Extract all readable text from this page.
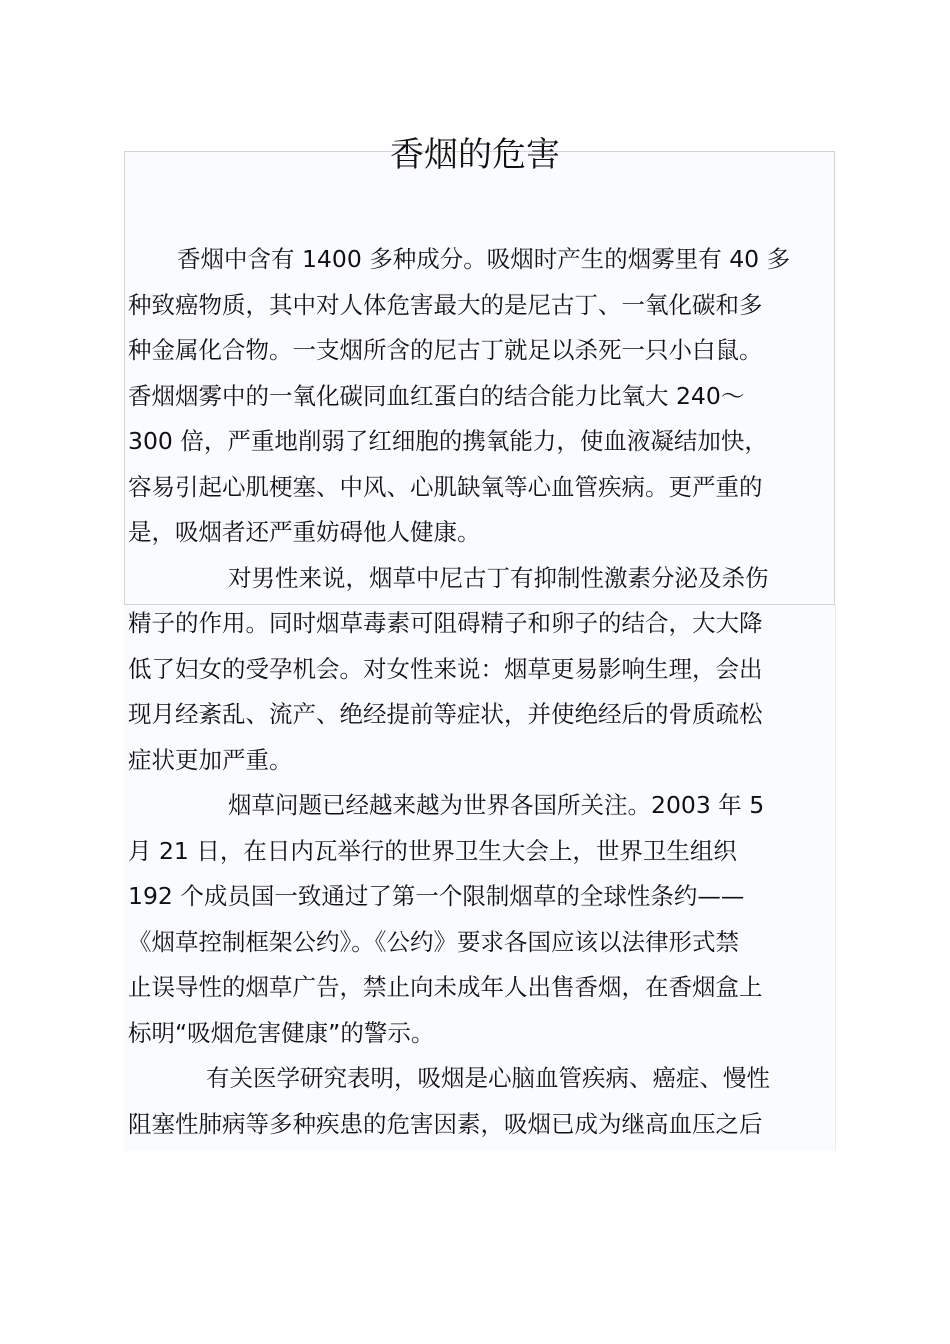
香烟的危害
香烟中含有 1400 多种成分。吸烟时产生的烟雾里有 40 多
种致癌物质，其中对人体危害最大的是尼古丁、一氧化碳和多
种金属化合物。一支烟所含的尼古丁就足以杀死一只小白鼠。
香烟烟雾中的一氧化碳同血红蛋白的结合能力比氧大 240～
300 倍，严重地削弱了红细胞的携氧能力，使血液凝结加快，
容易引起心肌梗塞、中风、心肌缺氧等心血管疾病。更严重的
是，吸烟者还严重妨碍他人健康。
对男性来说，烟草中尼古丁有抑制性激素分泌及杀伤
精子的作用。同时烟草毒素可阻碍精子和卵子的结合，大大降
低了妇女的受孕机会。对女性来说：烟草更易影响生理，会出
现月经紊乱、流产、绝经提前等症状，并使绝经后的骨质疏松
症状更加严重。
烟草问题已经越来越为世界各国所关注。2003 年 5
月 21 日，在日内瓦举行的世界卫生大会上，世界卫生组织
192 个成员国一致通过了第一个限制烟草的全球性条约——
《烟草控制框架公约》。《公约》要求各国应该以法律形式禁
止误导性的烟草广告，禁止向未成年人出售香烟，在香烟盒上
标明“吸烟危害健康”的警示。
有关医学研究表明，吸烟是心脑血管疾病、癌症、慢性
阻塞性肺病等多种疾患的危害因素，吸烟已成为继高血压之后
